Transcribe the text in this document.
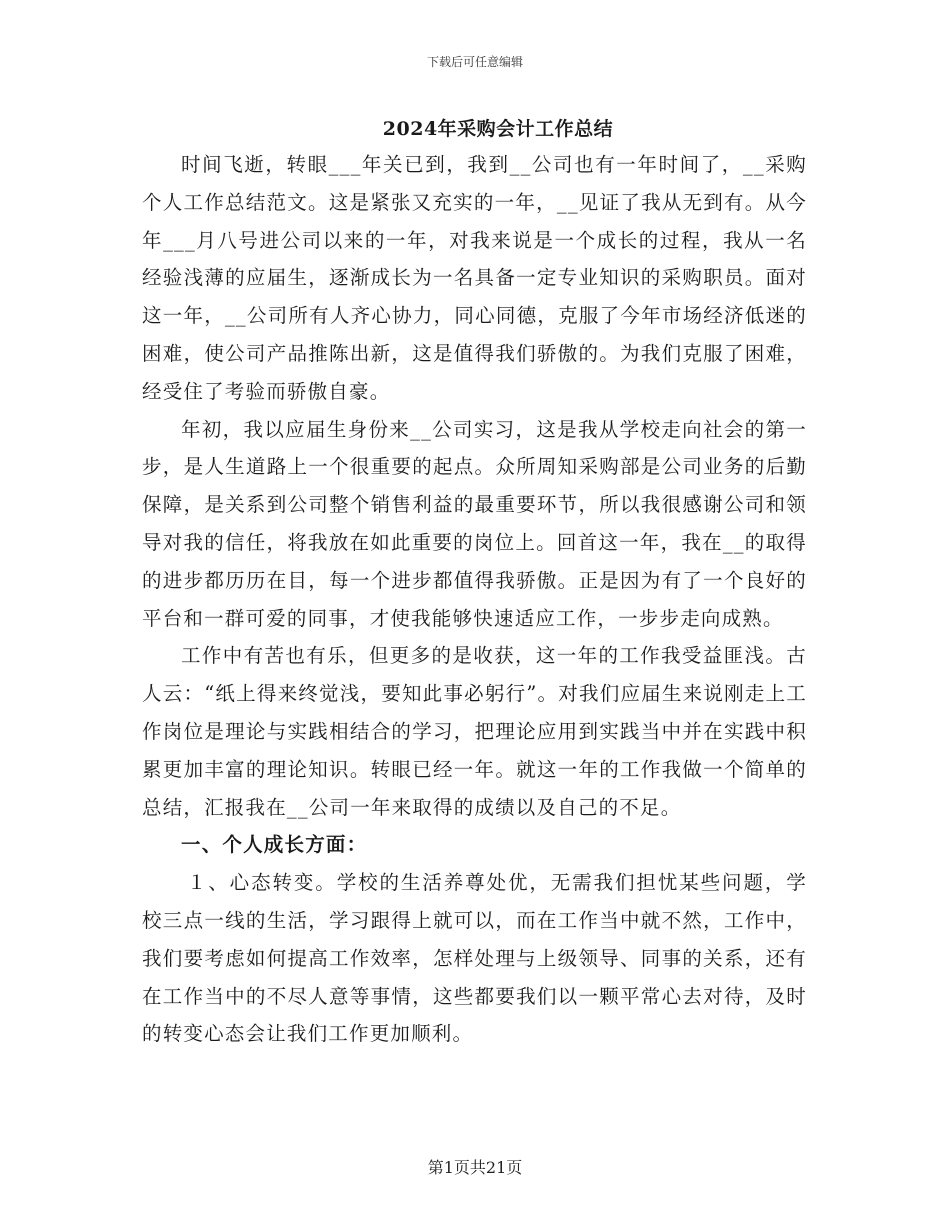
下载后可任意编辑
2024年采购会计工作总结

时间飞逝，转眼___年关已到，我到__公司也有一年时间了，__采购个人工作总结范文。这是紧张又充实的一年，__见证了我从无到有。从今年___月八号进公司以来的一年，对我来说是一个成长的过程，我从一名经验浅薄的应届生，逐渐成长为一名具备一定专业知识的采购职员。面对这一年，__公司所有人齐心协力，同心同德，克服了今年市场经济低迷的困难，使公司产品推陈出新，这是值得我们骄傲的。为我们克服了困难，经受住了考验而骄傲自豪。

年初，我以应届生身份来__公司实习，这是我从学校走向社会的第一步，是人生道路上一个很重要的起点。众所周知采购部是公司业务的后勤保障，是关系到公司整个销售利益的最重要环节，所以我很感谢公司和领导对我的信任，将我放在如此重要的岗位上。回首这一年，我在__的取得的进步都历历在目，每一个进步都值得我骄傲。正是因为有了一个良好的平台和一群可爱的同事，才使我能够快速适应工作，一步步走向成熟。

工作中有苦也有乐，但更多的是收获，这一年的工作我受益匪浅。古人云：“纸上得来终觉浅，要知此事必躬行”。对我们应届生来说刚走上工作岗位是理论与实践相结合的学习，把理论应用到实践当中并在实践中积累更加丰富的理论知识。转眼已经一年。就这一年的工作我做一个简单的总结，汇报我在__公司一年来取得的成绩以及自己的不足。

一、个人成长方面：

１、心态转变。学校的生活养尊处优，无需我们担忧某些问题，学校三点一线的生活，学习跟得上就可以，而在工作当中就不然，工作中，我们要考虑如何提高工作效率，怎样处理与上级领导、同事的关系，还有在工作当中的不尽人意等事情，这些都要我们以一颗平常心去对待，及时的转变心态会让我们工作更加顺利。

第1页共21页
